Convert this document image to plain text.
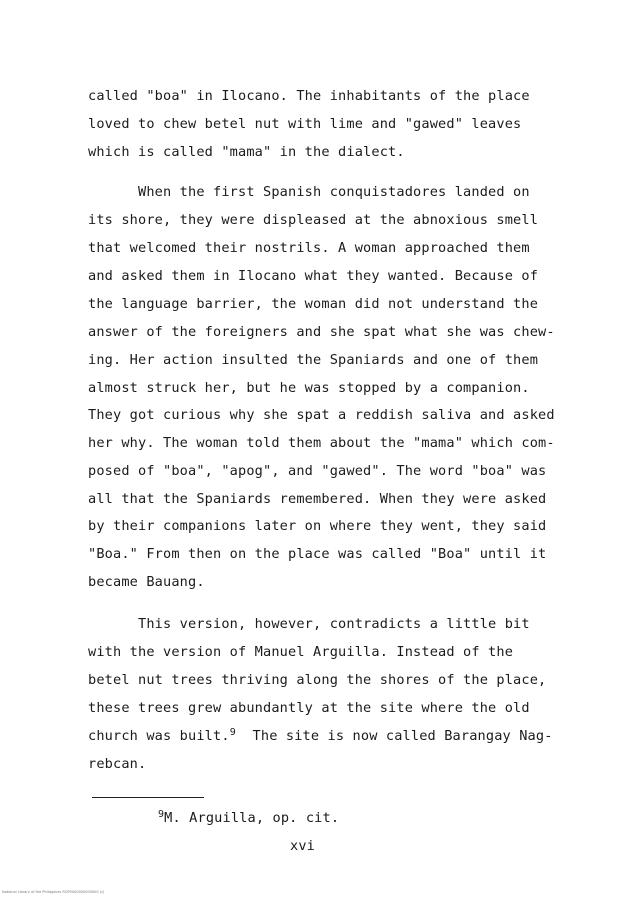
called "boa" in Ilocano. The inhabitants of the place
loved to chew betel nut with lime and "gawed" leaves
which is called "mama" in the dialect.
When the first Spanish conquistadores landed on
its shore, they were displeased at the abnoxious smell
that welcomed their nostrils. A woman approached them
and asked them in Ilocano what they wanted. Because of
the language barrier, the woman did not understand the
answer of the foreigners and she spat what she was chew-
ing. Her action insulted the Spaniards and one of them
almost struck her, but he was stopped by a companion.
They got curious why she spat a reddish saliva and asked
her why. The woman told them about the "mama" which com-
posed of "boa", "apog", and "gawed". The word "boa" was
all that the Spaniards remembered. When they were asked
by their companions later on where they went, they said
"Boa." From then on the place was called "Boa" until it
became Bauang.
This version, however, contradicts a little bit
with the version of Manuel Arguilla. Instead of the
betel nut trees thriving along the shores of the place,
these trees grew abundantly at the site where the old
church was built.$^9$  The site is now called Barangay Nag-
rebcan.
$^9$M. Arguilla, op. cit.
xvi
National Library of the Philippines ROP0000000000000 (c)
